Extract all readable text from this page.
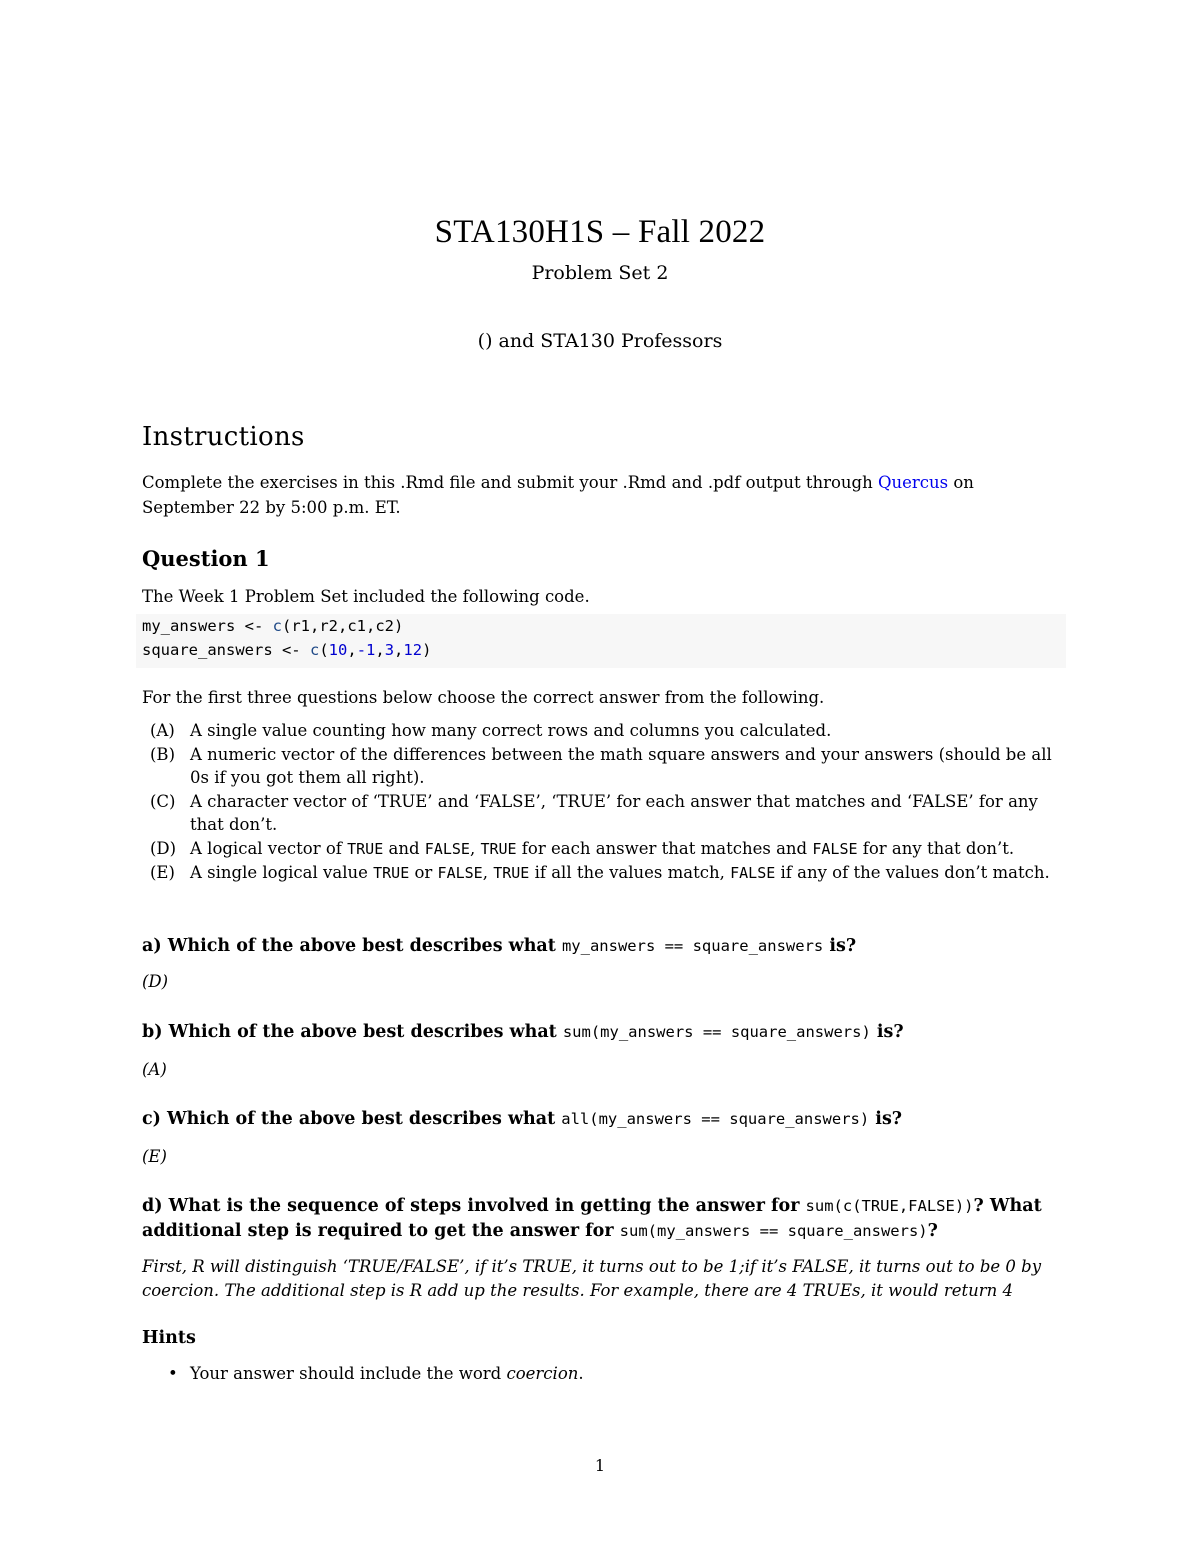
STA130H1S – Fall 2022
Problem Set 2
() and STA130 Professors
Instructions
Complete the exercises in this .Rmd file and submit your .Rmd and .pdf output through Quercus on September 22 by 5:00 p.m. ET.
Question 1
The Week 1 Problem Set included the following code.
my_answers <- c(r1,r2,c1,c2)
square_answers <- c(10,-1,3,12)
For the first three questions below choose the correct answer from the following.
(A) A single value counting how many correct rows and columns you calculated.
(B) A numeric vector of the differences between the math square answers and your answers (should be all 0s if you got them all right).
(C) A character vector of ‘TRUE’ and ‘FALSE’, ‘TRUE’ for each answer that matches and ‘FALSE’ for any that don’t.
(D) A logical vector of TRUE and FALSE, TRUE for each answer that matches and FALSE for any that don’t.
(E) A single logical value TRUE or FALSE, TRUE if all the values match, FALSE if any of the values don’t match.
a) Which of the above best describes what my_answers == square_answers is?
(D)
b) Which of the above best describes what sum(my_answers == square_answers) is?
(A)
c) Which of the above best describes what all(my_answers == square_answers) is?
(E)
d) What is the sequence of steps involved in getting the answer for sum(c(TRUE,FALSE))? What additional step is required to get the answer for sum(my_answers == square_answers)?
First, R will distinguish ‘TRUE/FALSE’, if it’s TRUE, it turns out to be 1;if it’s FALSE, it turns out to be 0 by coercion. The additional step is R add up the results. For example, there are 4 TRUEs, it would return 4
Hints
• Your answer should include the word coercion.
1
